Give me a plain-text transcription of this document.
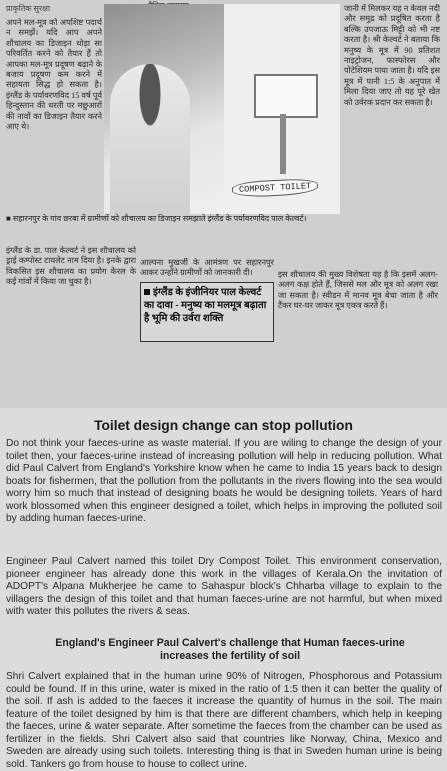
प्राकृतिक सुरक्षा
अपने मल-मूत्र को अपशिष्ट पदार्थ न समझें। यदि आप अपने शौचालय का डिजाइन थोड़ा सा परिवर्तित करने को तैयार हैं तो आपका मल-मूत्र प्रदूषण बढ़ाने के बजाय प्रदूषण कम करने में सहायता सिद्ध हो सकता है। इंग्लैंड के पर्यावरणविद 15 वर्ष पूर्व हिन्दुस्तान की धरती पर मछुआरों की नावों का डिजाइन तैयार करने आए थे।
COMPOST TOILET
जानी में मिलकर यह न केवल नदी और समुद्र को प्रदूषित करता है बल्कि उपजाऊ मिट्टी को भी नष्ट करता है। श्री केल्वर्ट ने बताया कि मनुष्य के मूत्र में 90 प्रतिशत नाइट्रोजन, फास्फोरस और पोटेशियम पाया जाता है। यदि इस मूत्र में पानी 1:5 के अनुपात में मिला दिया जाए तो यह पूरे खेत को उर्वरक प्रदान कर सकता है।
■ सहारनपुर के गांव छरबा में ग्रामीणों को शौचालय का डिजाइन समझाते इंग्लैंड के पर्यावरणविद पाल केल्वर्ट।
इंग्लैंड के डा. पाल केल्वर्ट ने इस शौचालय को ड्राई कम्पोस्ट टायलेट नाम दिया है। इनके द्वारा विकसित इस शौचालय का प्रयोग केरल के कई गांवों में किया जा चुका है।
आल्पना मुखर्जी के आमंत्रण पर सहारनपुर आकर उन्होंने ग्रामीणों को जानकारी दी।
इंग्लैंड के इंजीनियर पाल केल्वर्ट का दावा - मनुष्य का मलमूत्र बढ़ाता है भूमि की उर्वरा शक्ति
इस शौचालय की मुख्य विशेषता यह है कि इसमें अलग-अलग कक्ष होते हैं, जिससे मल और मूत्र को अलग रखा जा सकता है। स्वीडन में मानव मूत्र बेचा जाता है और टैंकर घर-घर जाकर मूत्र एकत्र करते हैं।
Toilet design change can stop pollution
Do not think your faeces-urine as waste material. If you are wiling to change the design of your toilet then, your faeces-urine instead of increasing pollution will help in reducing pollution. What did Paul Calvert from England's Yorkshire know when he came to India 15 years back to design boats for fishermen, that the pollution from the pollutants in the rivers flowing into the sea would worry him so much that instead of designing boats he would be designing toilets. Years of hard work blossomed when this engineer designed a toilet, which helps in improving the polluted soil by adding human faeces-urine.
Engineer Paul Calvert named this toilet Dry Compost Toilet. This environment conservation, pioneer engineer has already done this work in the villages of Kerala.On the invitation of ADOPT's Alpana Mukherjee he came to Sahaspur block's Chharba village to explain to the villagers the design of this toilet and that human faeces-urine are not harmful, but when mixed with water this pollutes the rivers & seas.
England's Engineer Paul Calvert's challenge that Human faeces-urine increases the fertility of soil
Shri Calvert explained that in the human urine 90% of Nitrogen, Phosphorous and Potassium could be found. If in this urine, water is mixed in the ratio of 1:5 then it can better the quality of the soil. If ash is added to the faeces it increase the quantity of humus in the soil. The main feature of the toilet designed by him is that there are different chambers, which help in keeping the faeces, urine & water separate. After sometime the faeces from the chamber can be used as fertilizer in the fields. Shri Calvert also said that countries like Norway, China, Mexico and Sweden are already using such toilets. Interesting thing is that in Sweden human urine is being sold. Tankers go from house to house to collect urine.
